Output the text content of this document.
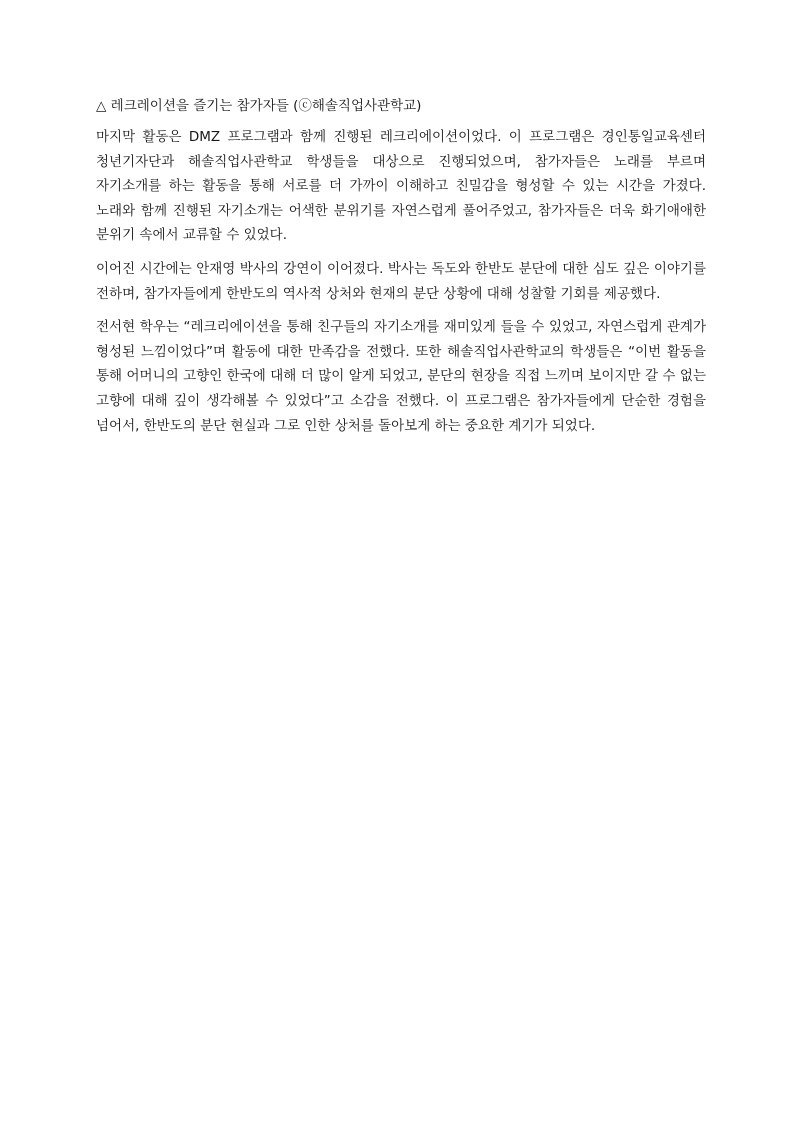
△ 레크레이션을 즐기는 참가자들 (ⓒ해솔직업사관학교)

마지막 활동은 DMZ 프로그램과 함께 진행된 레크리에이션이었다. 이 프로그램은 경인통일교육센터 청년기자단과 해솔직업사관학교 학생들을 대상으로 진행되었으며, 참가자들은 노래를 부르며 자기소개를 하는 활동을 통해 서로를 더 가까이 이해하고 친밀감을 형성할 수 있는 시간을 가졌다. 노래와 함께 진행된 자기소개는 어색한 분위기를 자연스럽게 풀어주었고, 참가자들은 더욱 화기애애한 분위기 속에서 교류할 수 있었다.

이어진 시간에는 안재영 박사의 강연이 이어졌다. 박사는 독도와 한반도 분단에 대한 심도 깊은 이야기를 전하며, 참가자들에게 한반도의 역사적 상처와 현재의 분단 상황에 대해 성찰할 기회를 제공했다.

전서현 학우는 “레크리에이션을 통해 친구들의 자기소개를 재미있게 들을 수 있었고, 자연스럽게 관계가 형성된 느낌이었다”며 활동에 대한 만족감을 전했다. 또한 해솔직업사관학교의 학생들은 “이번 활동을 통해 어머니의 고향인 한국에 대해 더 많이 알게 되었고, 분단의 현장을 직접 느끼며 보이지만 갈 수 없는 고향에 대해 깊이 생각해볼 수 있었다”고 소감을 전했다. 이 프로그램은 참가자들에게 단순한 경험을 넘어서, 한반도의 분단 현실과 그로 인한 상처를 돌아보게 하는 중요한 계기가 되었다.
